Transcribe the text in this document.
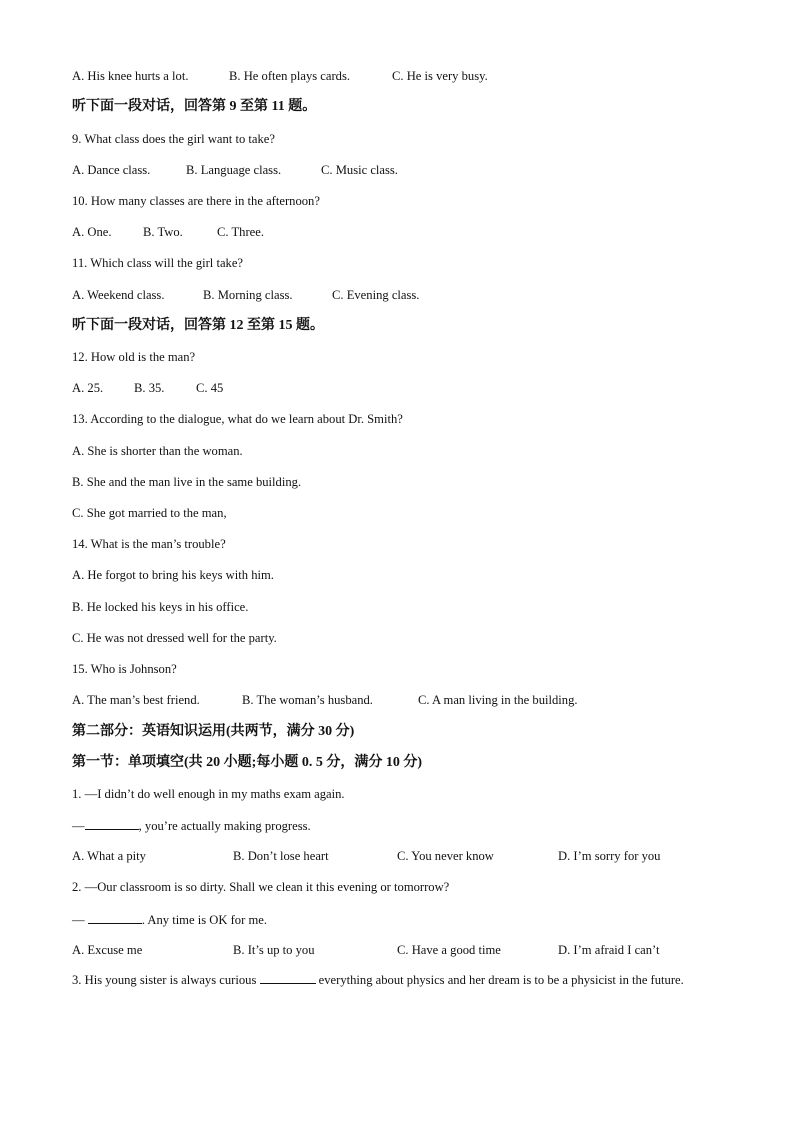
A. His knee hurts a lot.	B. He often plays cards.	C. He is very busy.
听下面一段对话，回答第 9 至第 11 题。
9. What class does the girl want to take?
A. Dance class.	B. Language class.	C. Music class.
10. How many classes are there in the afternoon?
A. One. B. Two.	C. Three.
11. Which class will the girl take?
A. Weekend class.	B. Morning class.	C. Evening class.
听下面一段对话，回答第 12 至第 15 题。
12. How old is the man?
A. 25. B. 35.	C. 45
13. According to the dialogue, what do we learn about Dr. Smith?
A. She is shorter than the woman.
B. She and the man live in the same building.
C. She got married to the man,
14. What is the man’s trouble?
A. He forgot to bring his keys with him.
B. He locked his keys in his office.
C. He was not dressed well for the party.
15. Who is Johnson?
A. The man’s best friend.	B. The woman’s husband.	C. A man living in the building.
第二部分：英语知识运用(共两节，满分 30 分)
第一节：单项填空(共 20 小题;每小题 0. 5 分，满分 10 分)
1. —I didn’t do well enough in my maths exam again.
—	, you’re actually making progress.
A. What a pity	B. Don’t lose heart	C. You never know	D. I’m sorry for you
2. —Our classroom is so dirty. Shall we clean it this evening or tomorrow?
—	. Any time is OK for me.
A. Excuse me	B. It’s up to you	C. Have a good time	D. I’m afraid I can’t
3. His young sister is always curious	everything about physics and her dream is to be a physicist in the future.
